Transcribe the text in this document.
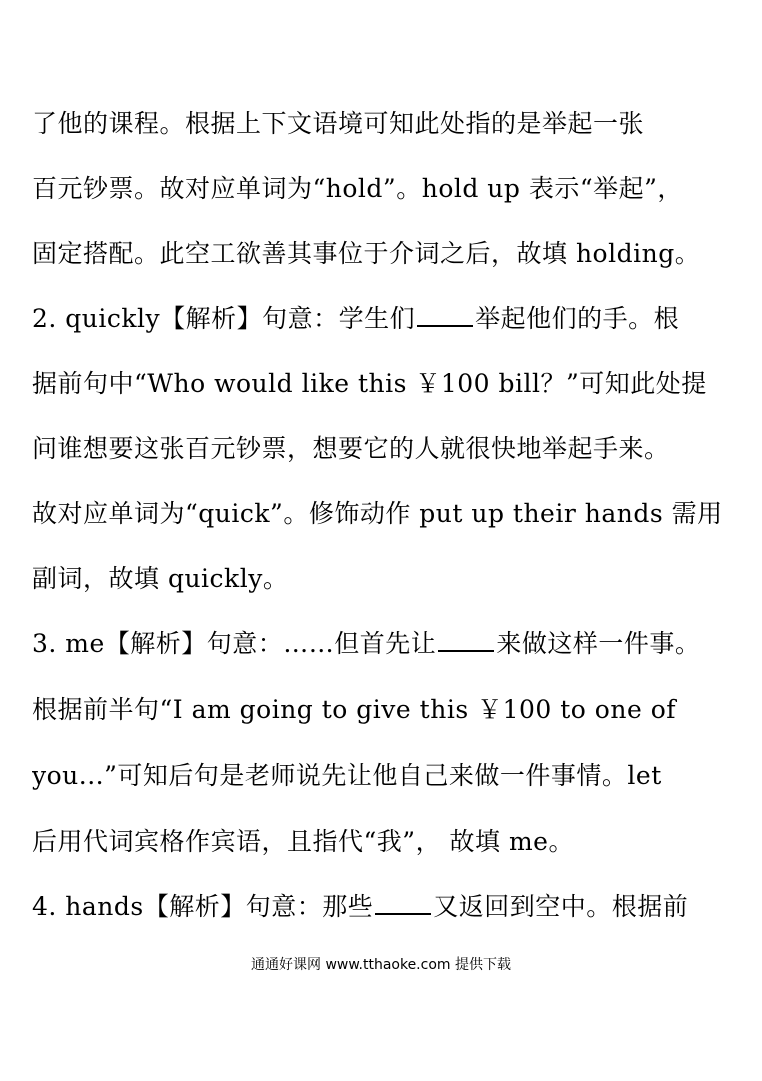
了他的课程。根据上下文语境可知此处指的是举起一张
百元钞票。故对应单词为“hold”。hold up 表示“举起”，
固定搭配。此空工欲善其事位于介词之后，故填 holding。
2. quickly【解析】句意：学生们 举起他们的手。根
据前句中“Who would like this ￥100 bill？”可知此处提
问谁想要这张百元钞票，想要它的人就很快地举起手来。
故对应单词为“quick”。修饰动作 put up their hands 需用
副词，故填 quickly。
3. me【解析】句意：……但首先让 来做这样一件事。
根据前半句“I am going to give this ￥100 to one of
you...”可知后句是老师说先让他自己来做一件事情。let
后用代词宾格作宾语，且指代“我”， 故填 me。
4. hands【解析】句意：那些 又返回到空中。根据前
通通好课网 www.tthaoke.com 提供下载
